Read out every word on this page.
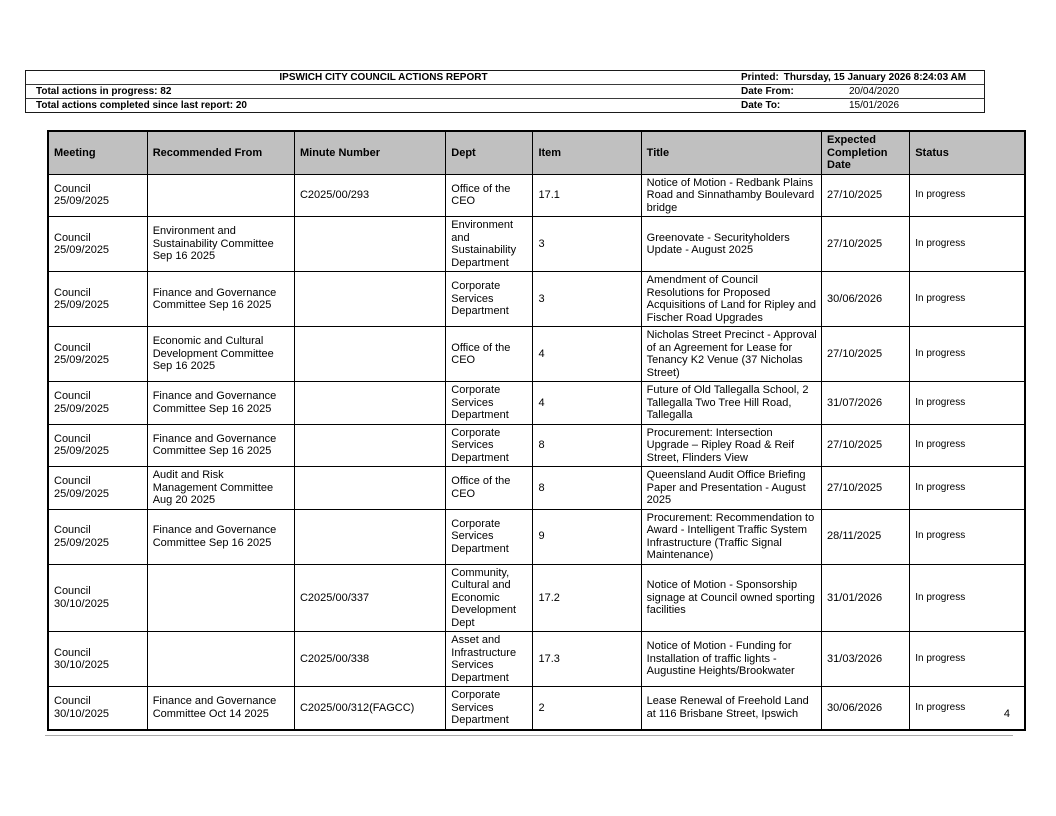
IPSWICH CITY COUNCIL ACTIONS REPORT	Printed: Thursday, 15 January 2026 8:24:03 AM
Total actions in progress: 82	Date From:	20/04/2020
Total actions completed since last report: 20	Date To:	15/01/2026
Meeting	Recommended From	Minute Number	Dept	Item	Title	Expected Completion Date	Status
Council 25/09/2025		C2025/00/293	Office of the CEO	17.1	Notice of Motion - Redbank Plains Road and Sinnathamby Boulevard bridge	27/10/2025	In progress
Council 25/09/2025	Environment and Sustainability Committee Sep 16 2025		Environment and Sustainability Department	3	Greenovate - Securityholders Update - August 2025	27/10/2025	In progress
Council 25/09/2025	Finance and Governance Committee Sep 16 2025		Corporate Services Department	3	Amendment of Council Resolutions for Proposed Acquisitions of Land for Ripley and Fischer Road Upgrades	30/06/2026	In progress
Council 25/09/2025	Economic and Cultural Development Committee Sep 16 2025		Office of the CEO	4	Nicholas Street Precinct - Approval of an Agreement for Lease for Tenancy K2 Venue (37 Nicholas Street)	27/10/2025	In progress
Council 25/09/2025	Finance and Governance Committee Sep 16 2025		Corporate Services Department	4	Future of Old Tallegalla School, 2 Tallegalla Two Tree Hill Road, Tallegalla	31/07/2026	In progress
Council 25/09/2025	Finance and Governance Committee Sep 16 2025		Corporate Services Department	8	Procurement: Intersection Upgrade – Ripley Road & Reif Street, Flinders View	27/10/2025	In progress
Council 25/09/2025	Audit and Risk Management Committee Aug 20 2025		Office of the CEO	8	Queensland Audit Office Briefing Paper and Presentation - August 2025	27/10/2025	In progress
Council 25/09/2025	Finance and Governance Committee Sep 16 2025		Corporate Services Department	9	Procurement: Recommendation to Award - Intelligent Traffic System Infrastructure (Traffic Signal Maintenance)	28/11/2025	In progress
Council 30/10/2025		C2025/00/337	Community, Cultural and Economic Development Dept	17.2	Notice of Motion - Sponsorship signage at Council owned sporting facilities	31/01/2026	In progress
Council 30/10/2025		C2025/00/338	Asset and Infrastructure Services Department	17.3	Notice of Motion - Funding for Installation of traffic lights - Augustine Heights/Brookwater	31/03/2026	In progress
Council 30/10/2025	Finance and Governance Committee Oct 14 2025	C2025/00/312(FAGCC)	Corporate Services Department	2	Lease Renewal of Freehold Land at 116 Brisbane Street, Ipswich	30/06/2026	In progress
4
